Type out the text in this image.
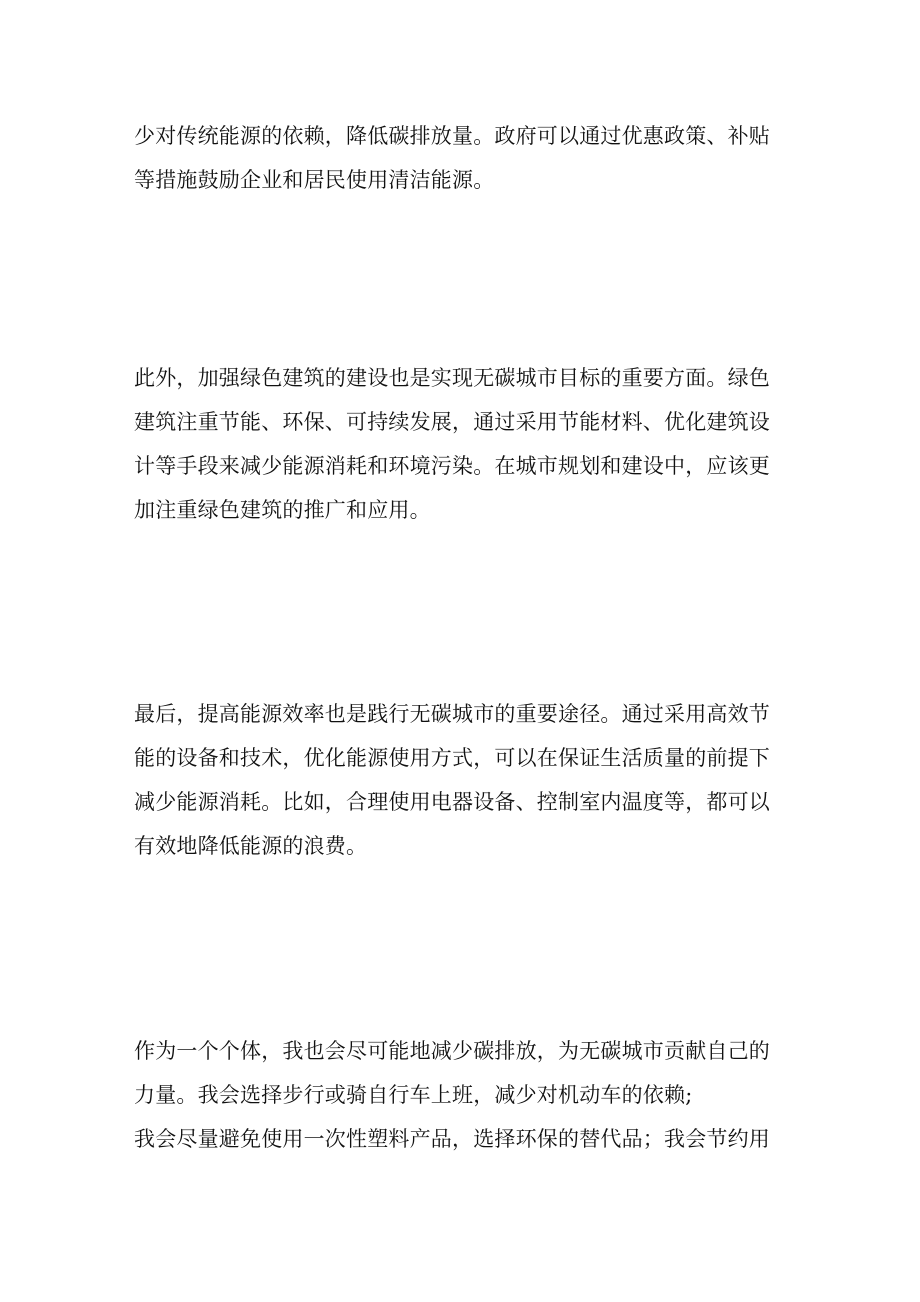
少对传统能源的依赖，降低碳排放量。政府可以通过优惠政策、补贴
等措施鼓励企业和居民使用清洁能源。

此外，加强绿色建筑的建设也是实现无碳城市目标的重要方面。绿色
建筑注重节能、环保、可持续发展，通过采用节能材料、优化建筑设
计等手段来减少能源消耗和环境污染。在城市规划和建设中，应该更
加注重绿色建筑的推广和应用。

最后，提高能源效率也是践行无碳城市的重要途径。通过采用高效节
能的设备和技术，优化能源使用方式，可以在保证生活质量的前提下
减少能源消耗。比如，合理使用电器设备、控制室内温度等，都可以
有效地降低能源的浪费。

作为一个个体，我也会尽可能地减少碳排放，为无碳城市贡献自己的
力量。我会选择步行或骑自行车上班，减少对机动车的依赖;
我会尽量避免使用一次性塑料产品，选择环保的替代品；我会节约用
